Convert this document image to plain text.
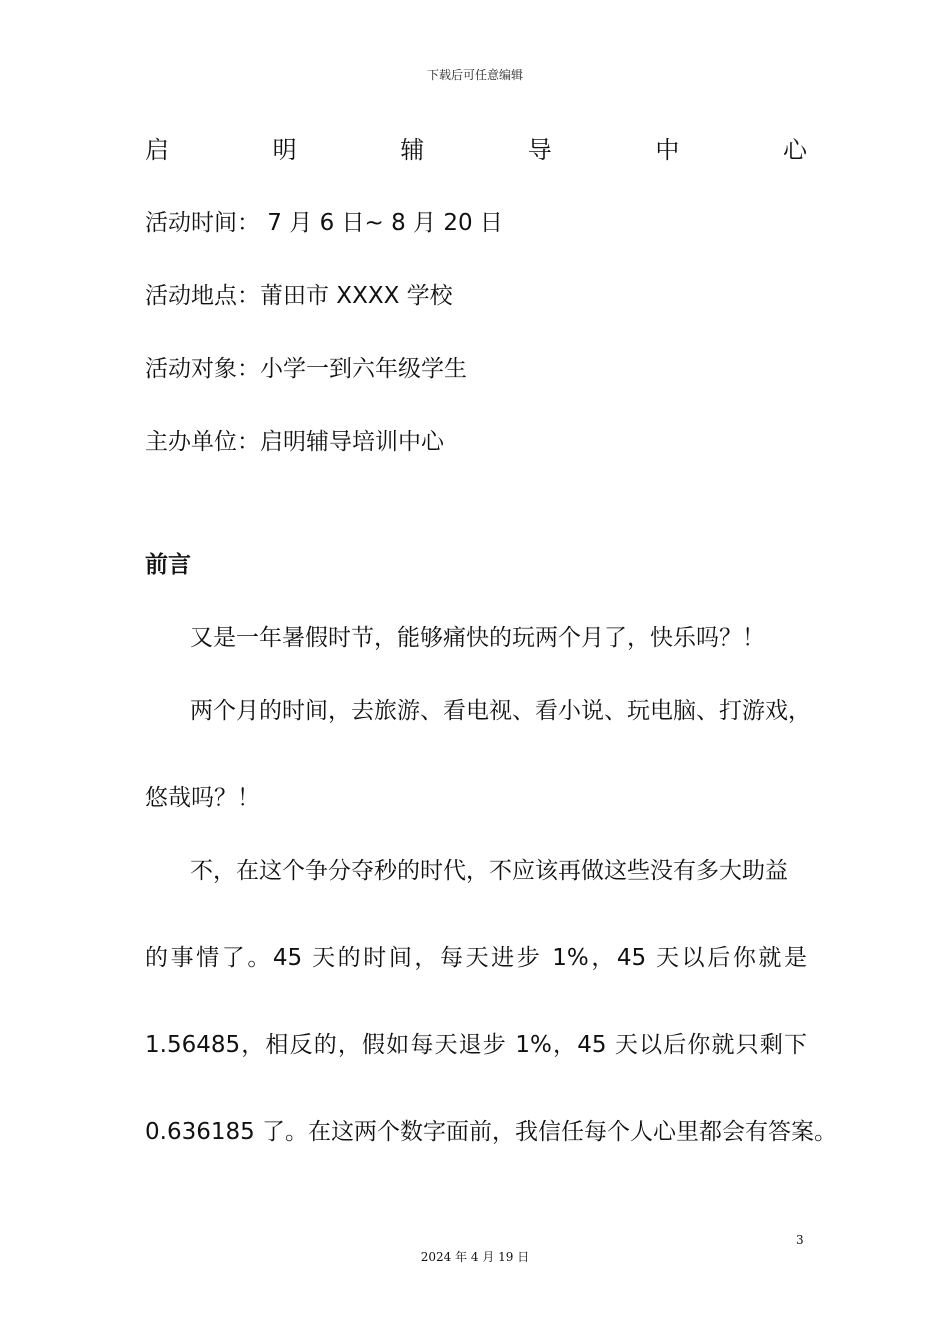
下载后可任意编辑
启	明	辅	导	中	心
活动时间： 7 月 6 日~ 8 月 20 日
活动地点：莆田市 XXXX 学校
活动对象：小学一到六年级学生
主办单位：启明辅导培训中心
前言
又是一年暑假时节，能够痛快的玩两个月了，快乐吗？！
两个月的时间，去旅游、看电视、看小说、玩电脑、打游戏，
悠哉吗？！
不，在这个争分夺秒的时代，不应该再做这些没有多大助益
的事情了。45 天的时间，每天进步 1%，45 天以后你就是
1.56485，相反的，假如每天退步 1%，45 天以后你就只剩下
0.636185 了。在这两个数字面前，我信任每个人心里都会有答案。
3
2024 年 4 月 19 日
